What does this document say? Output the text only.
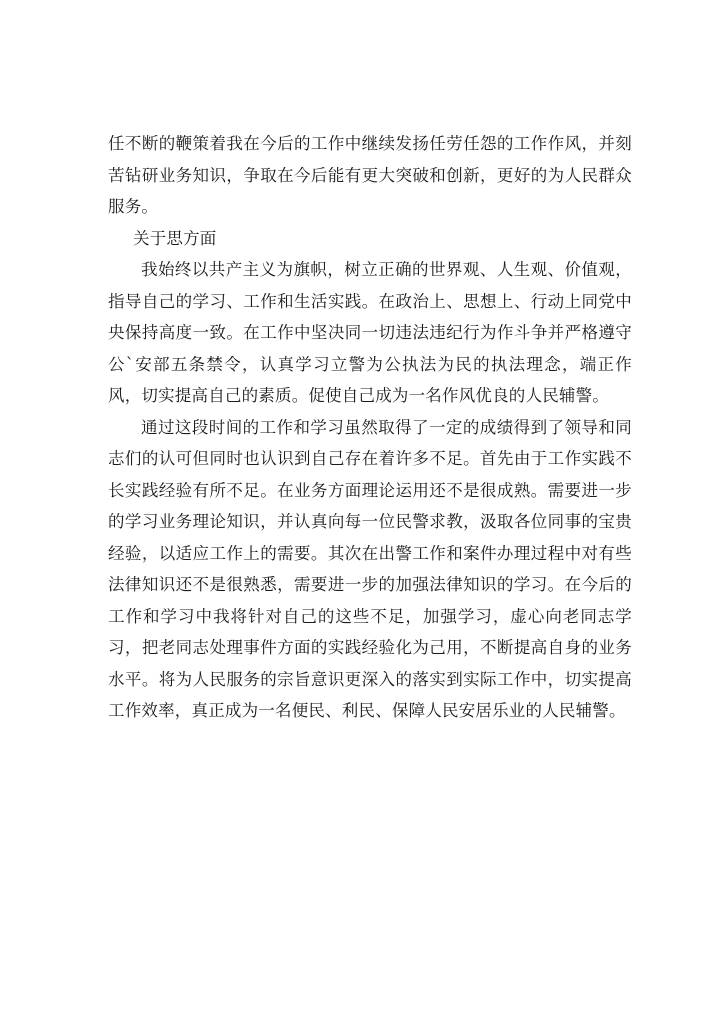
任不断的鞭策着我在今后的工作中继续发扬任劳任怨的工作作风，并刻苦钻研业务知识，争取在今后能有更大突破和创新，更好的为人民群众服务。

关于思方面

我始终以共产主义为旗帜，树立正确的世界观、人生观、价值观，指导自己的学习、工作和生活实践。在政治上、思想上、行动上同党中央保持高度一致。在工作中坚决同一切违法违纪行为作斗争并严格遵守公`安部五条禁令，认真学习立警为公执法为民的执法理念，端正作风，切实提高自己的素质。促使自己成为一名作风优良的人民辅警。

通过这段时间的工作和学习虽然取得了一定的成绩得到了领导和同志们的认可但同时也认识到自己存在着许多不足。首先由于工作实践不长实践经验有所不足。在业务方面理论运用还不是很成熟。需要进一步的学习业务理论知识，并认真向每一位民警求教，汲取各位同事的宝贵经验，以适应工作上的需要。其次在出警工作和案件办理过程中对有些法律知识还不是很熟悉，需要进一步的加强法律知识的学习。在今后的工作和学习中我将针对自己的这些不足，加强学习，虚心向老同志学习，把老同志处理事件方面的实践经验化为己用，不断提高自身的业务水平。将为人民服务的宗旨意识更深入的落实到实际工作中，切实提高工作效率，真正成为一名便民、利民、保障人民安居乐业的人民辅警。
